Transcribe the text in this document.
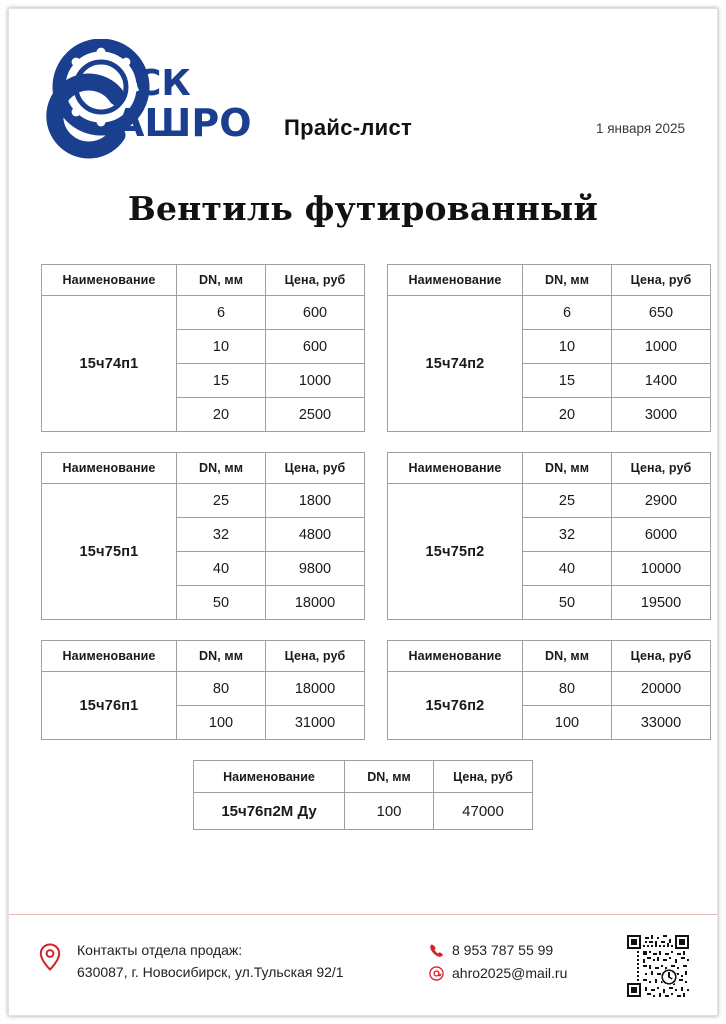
СК
АШРО Прайс-лист	1 января 2025
Вентиль футированный
Наименование	DN, мм	Цена, руб
15ч74п1	6	600
	10	600
	15	1000
	20	2500
Наименование	DN, мм	Цена, руб
15ч74п2	6	650
	10	1000
	15	1400
	20	3000
Наименование	DN, мм	Цена, руб
15ч75п1	25	1800
	32	4800
	40	9800
	50	18000
Наименование	DN, мм	Цена, руб
15ч75п2	25	2900
	32	6000
	40	10000
	50	19500
Наименование	DN, мм	Цена, руб
15ч76п1	80	18000
	100	31000
Наименование	DN, мм	Цена, руб
15ч76п2	80	20000
	100	33000
Наименование	DN, мм	Цена, руб
15ч76п2М Ду	100	47000
Контакты отдела продаж:
630087, г. Новосибирск, ул.Тульская 92/1
8 953 787 55 99
ahro2025@mail.ru
